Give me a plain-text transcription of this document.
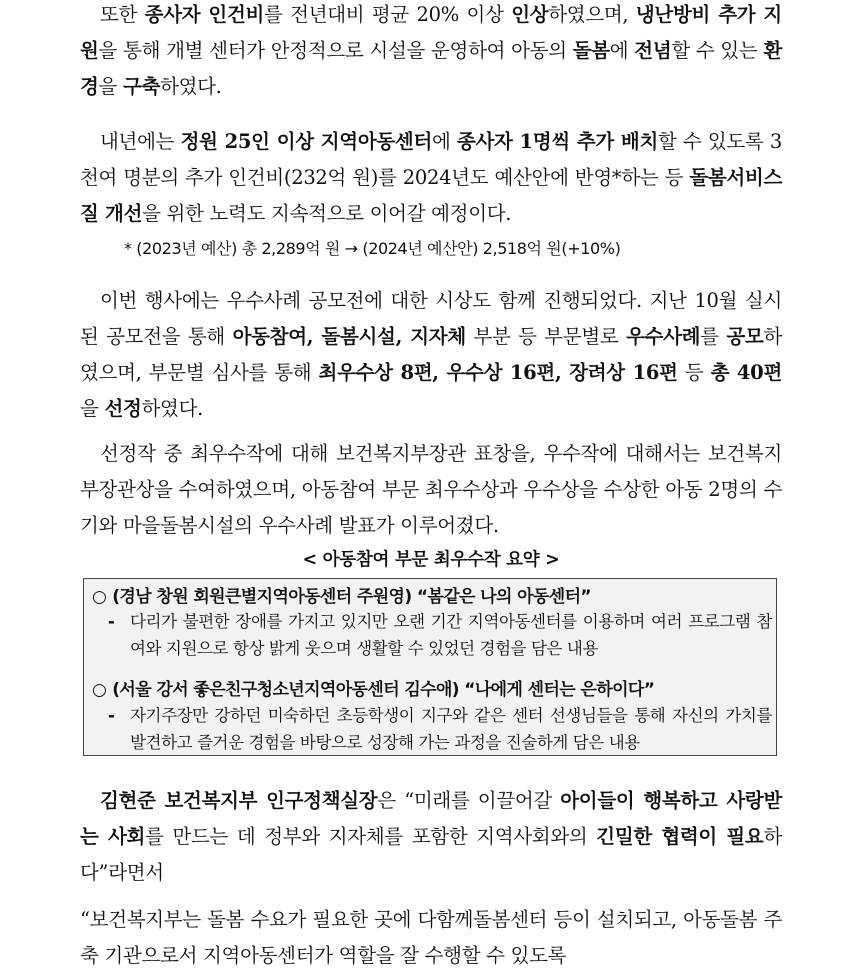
또한 종사자 인건비를 전년대비 평균 20% 이상 인상하였으며, 냉난방비 추가 지원을 통해 개별 센터가 안정적으로 시설을 운영하여 아동의 돌봄에 전념할 수 있는 환경을 구축하였다.

내년에는 정원 25인 이상 지역아동센터에 종사자 1명씩 추가 배치할 수 있도록 3천여 명분의 추가 인건비(232억 원)를 2024년도 예산안에 반영*하는 등 돌봄서비스 질 개선을 위한 노력도 지속적으로 이어갈 예정이다.

* (2023년 예산) 총 2,289억 원 → (2024년 예산안) 2,518억 원(+10%)

이번 행사에는 우수사례 공모전에 대한 시상도 함께 진행되었다. 지난 10월 실시된 공모전을 통해 아동참여, 돌봄시설, 지자체 부분 등 부문별로 우수사례를 공모하였으며, 부문별 심사를 통해 최우수상 8편, 우수상 16편, 장려상 16편 등 총 40편을 선정하였다.

선정작 중 최우수작에 대해 보건복지부장관 표창을, 우수작에 대해서는 보건복지부장관상을 수여하였으며, 아동참여 부문 최우수상과 우수상을 수상한 아동 2명의 수기와 마을돌봄시설의 우수사례 발표가 이루어졌다.

< 아동참여 부문 최우수작 요약 >
○ (경남 창원 회원큰별지역아동센터 주원영) “봄같은 나의 아동센터”
- 다리가 불편한 장애를 가지고 있지만 오랜 기간 지역아동센터를 이용하며 여러 프로그램 참여와 지원으로 항상 밝게 웃으며 생활할 수 있었던 경험을 담은 내용
○ (서울 강서 좋은친구청소년지역아동센터 김수애) “나에게 센터는 은하이다”
- 자기주장만 강하던 미숙하던 초등학생이 지구와 같은 센터 선생님들을 통해 자신의 가치를 발견하고 즐거운 경험을 바탕으로 성장해 가는 과정을 진술하게 담은 내용

김현준 보건복지부 인구정책실장은 “미래를 이끌어갈 아이들이 행복하고 사랑받는 사회를 만드는 데 정부와 지자체를 포함한 지역사회와의 긴밀한 협력이 필요하다”라면서

“보건복지부는 돌봄 수요가 필요한 곳에 다함께돌봄센터 등이 설치되고, 아동돌봄 주축 기관으로서 지역아동센터가 역할을 잘 수행할 수 있도록
